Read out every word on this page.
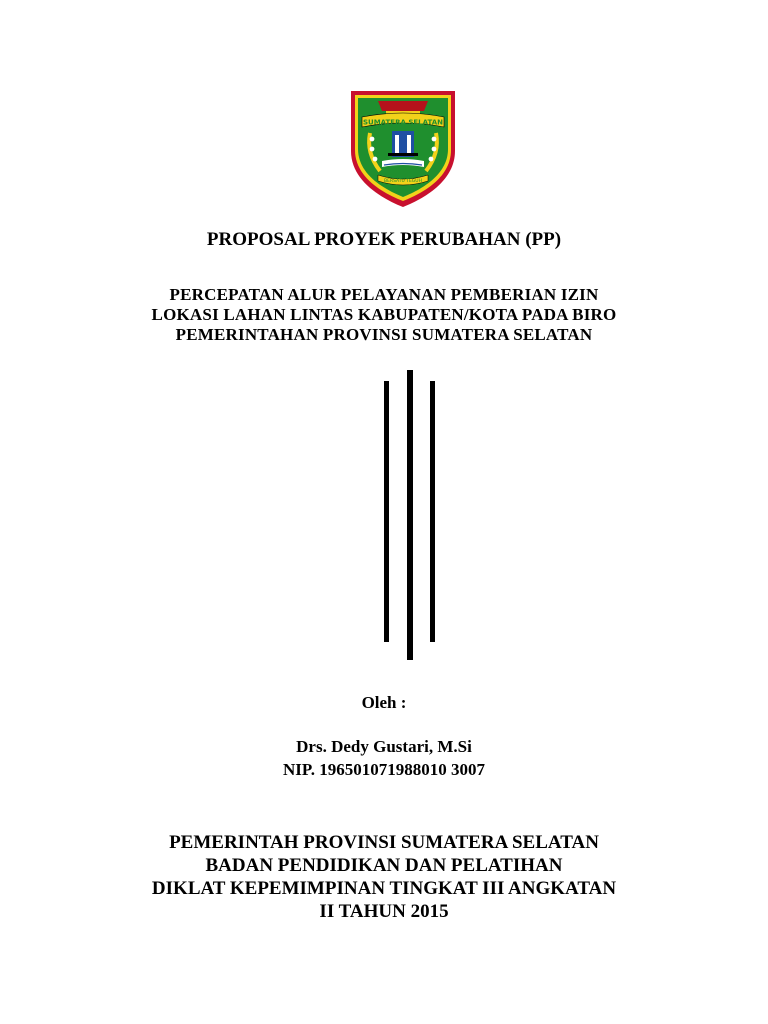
SUMATERA SELATAN
BERSATU TEGUH
PROPOSAL PROYEK PERUBAHAN (PP)
PERCEPATAN ALUR PELAYANAN PEMBERIAN IZIN
LOKASI LAHAN LINTAS KABUPATEN/KOTA PADA BIRO
PEMERINTAHAN PROVINSI SUMATERA SELATAN
Oleh :
Drs. Dedy Gustari, M.Si
NIP. 196501071988010 3007
PEMERINTAH PROVINSI SUMATERA SELATAN
BADAN PENDIDIKAN DAN PELATIHAN
DIKLAT KEPEMIMPINAN TINGKAT III ANGKATAN
II TAHUN 2015
